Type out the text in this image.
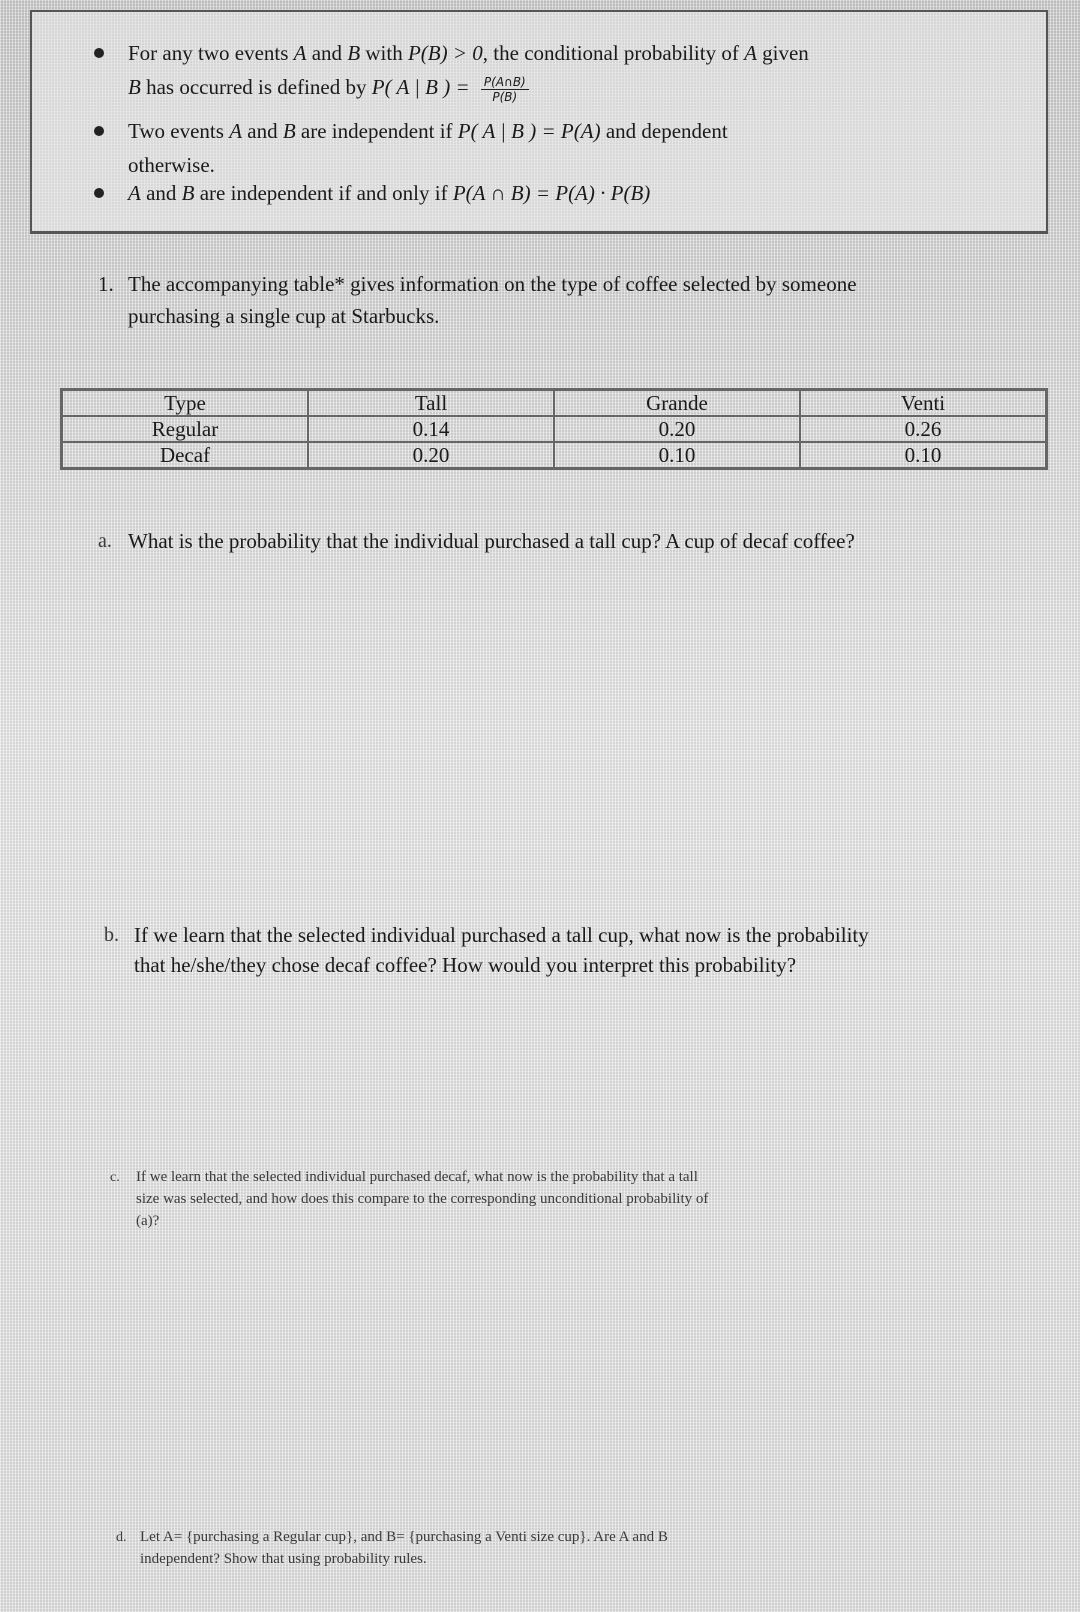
For any two events A and B with P(B) > 0, the conditional probability of A given
B has occurred is defined by P( A | B ) = $\frac{P(A\cap B)}{P(B)}$
Two events A and B are independent if P( A | B ) = P(A) and dependent
otherwise.
A and B are independent if and only if P(A ∩ B) = P(A) · P(B)
1. The accompanying table* gives information on the type of coffee selected by someone purchasing a single cup at Starbucks.
Type	Tall	Grande	Venti
Regular	0.14	0.20	0.26
Decaf	0.20	0.10	0.10
a. What is the probability that the individual purchased a tall cup? A cup of decaf coffee?
b. If we learn that the selected individual purchased a tall cup, what now is the probability that he/she/they chose decaf coffee? How would you interpret this probability?
c. If we learn that the selected individual purchased decaf, what now is the probability that a tall size was selected, and how does this compare to the corresponding unconditional probability of (a)?
d. Let A= {purchasing a Regular cup}, and B= {purchasing a Venti size cup}. Are A and B independent? Show that using probability rules.
